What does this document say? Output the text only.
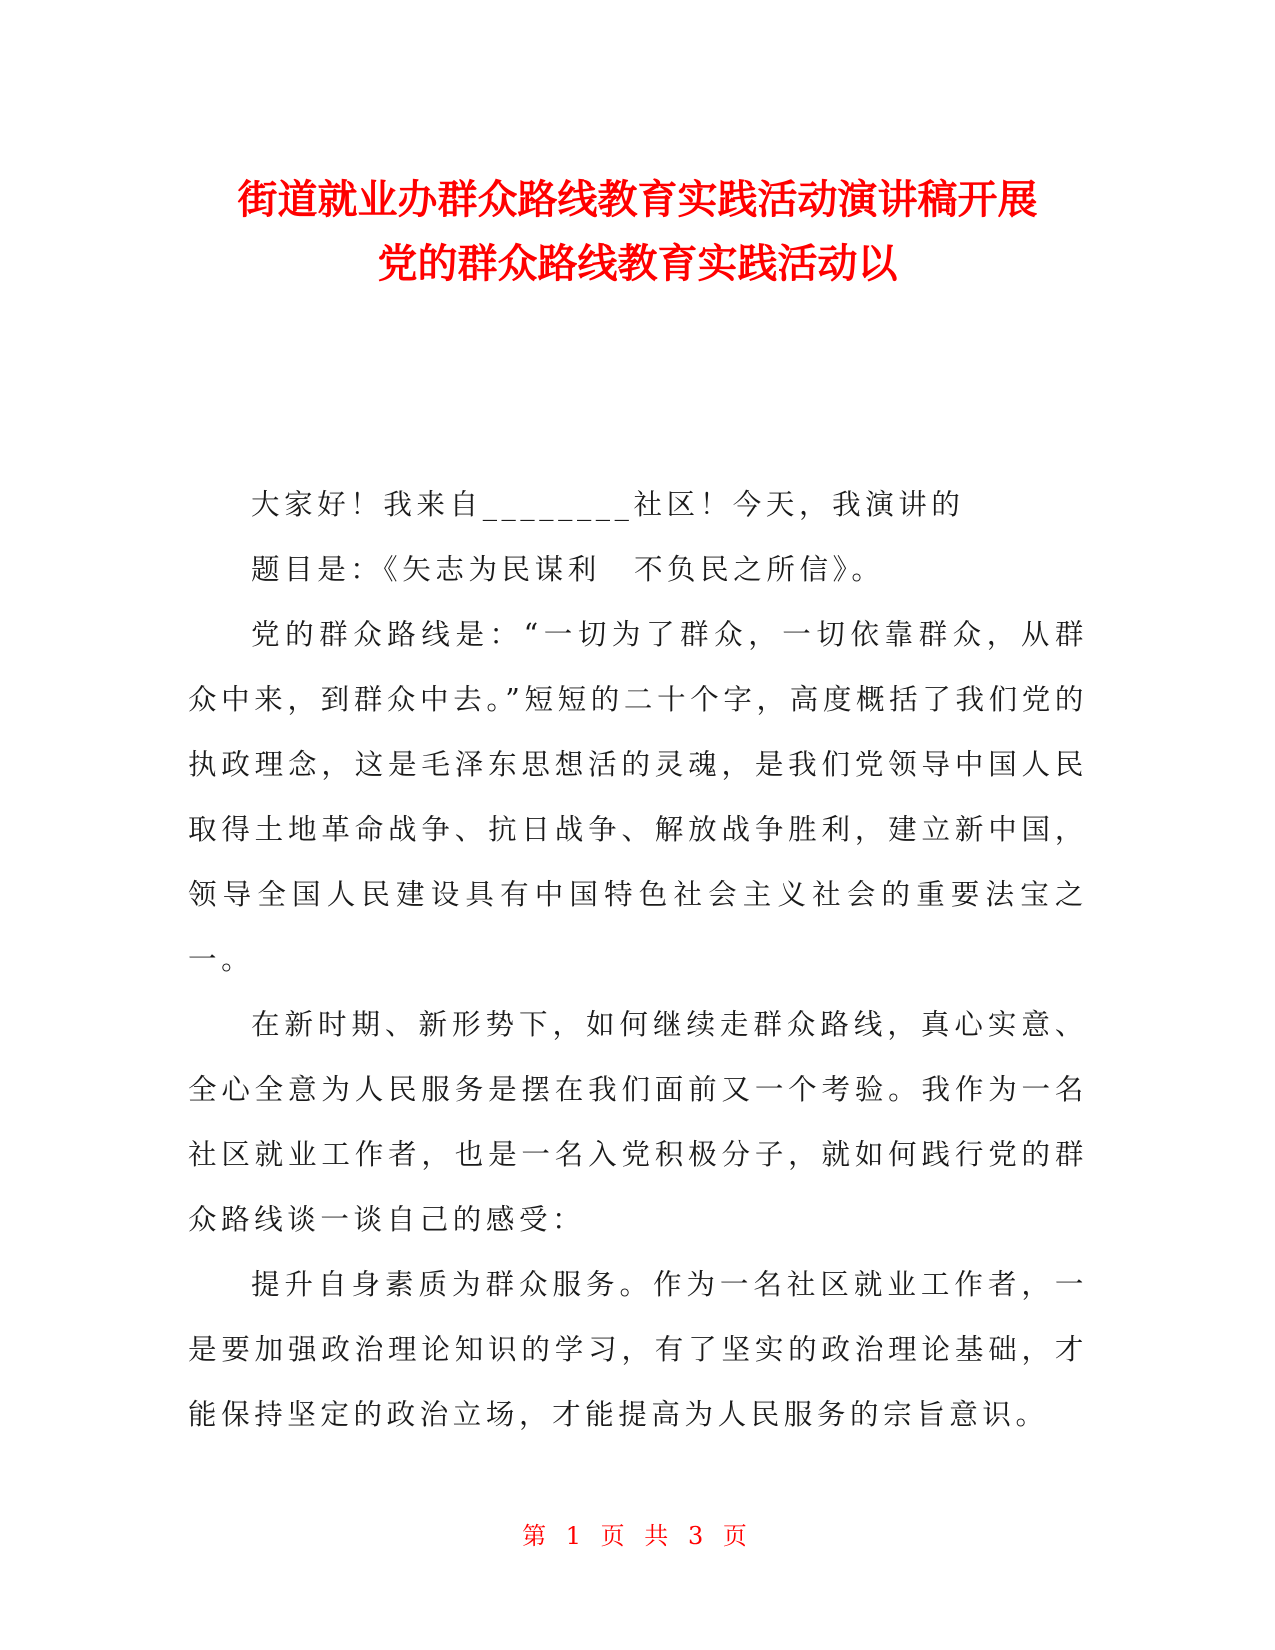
街道就业办群众路线教育实践活动演讲稿开展
党的群众路线教育实践活动以

大家好！我来自________社区！今天，我演讲的

题目是：《矢志为民谋利　不负民之所信》。

党的群众路线是：“一切为了群众，一切依靠群众，从群众中来，到群众中去。”短短的二十个字，高度概括了我们党的执政理念，这是毛泽东思想活的灵魂，是我们党领导中国人民取得土地革命战争、抗日战争、解放战争胜利，建立新中国，领导全国人民建设具有中国特色社会主义社会的重要法宝之一。

在新时期、新形势下，如何继续走群众路线，真心实意、全心全意为人民服务是摆在我们面前又一个考验。我作为一名社区就业工作者，也是一名入党积极分子，就如何践行党的群众路线谈一谈自己的感受：

提升自身素质为群众服务。作为一名社区就业工作者，一是要加强政治理论知识的学习，有了坚实的政治理论基础，才能保持坚定的政治立场，才能提高为人民服务的宗旨意识。

第 1 页 共 3 页
